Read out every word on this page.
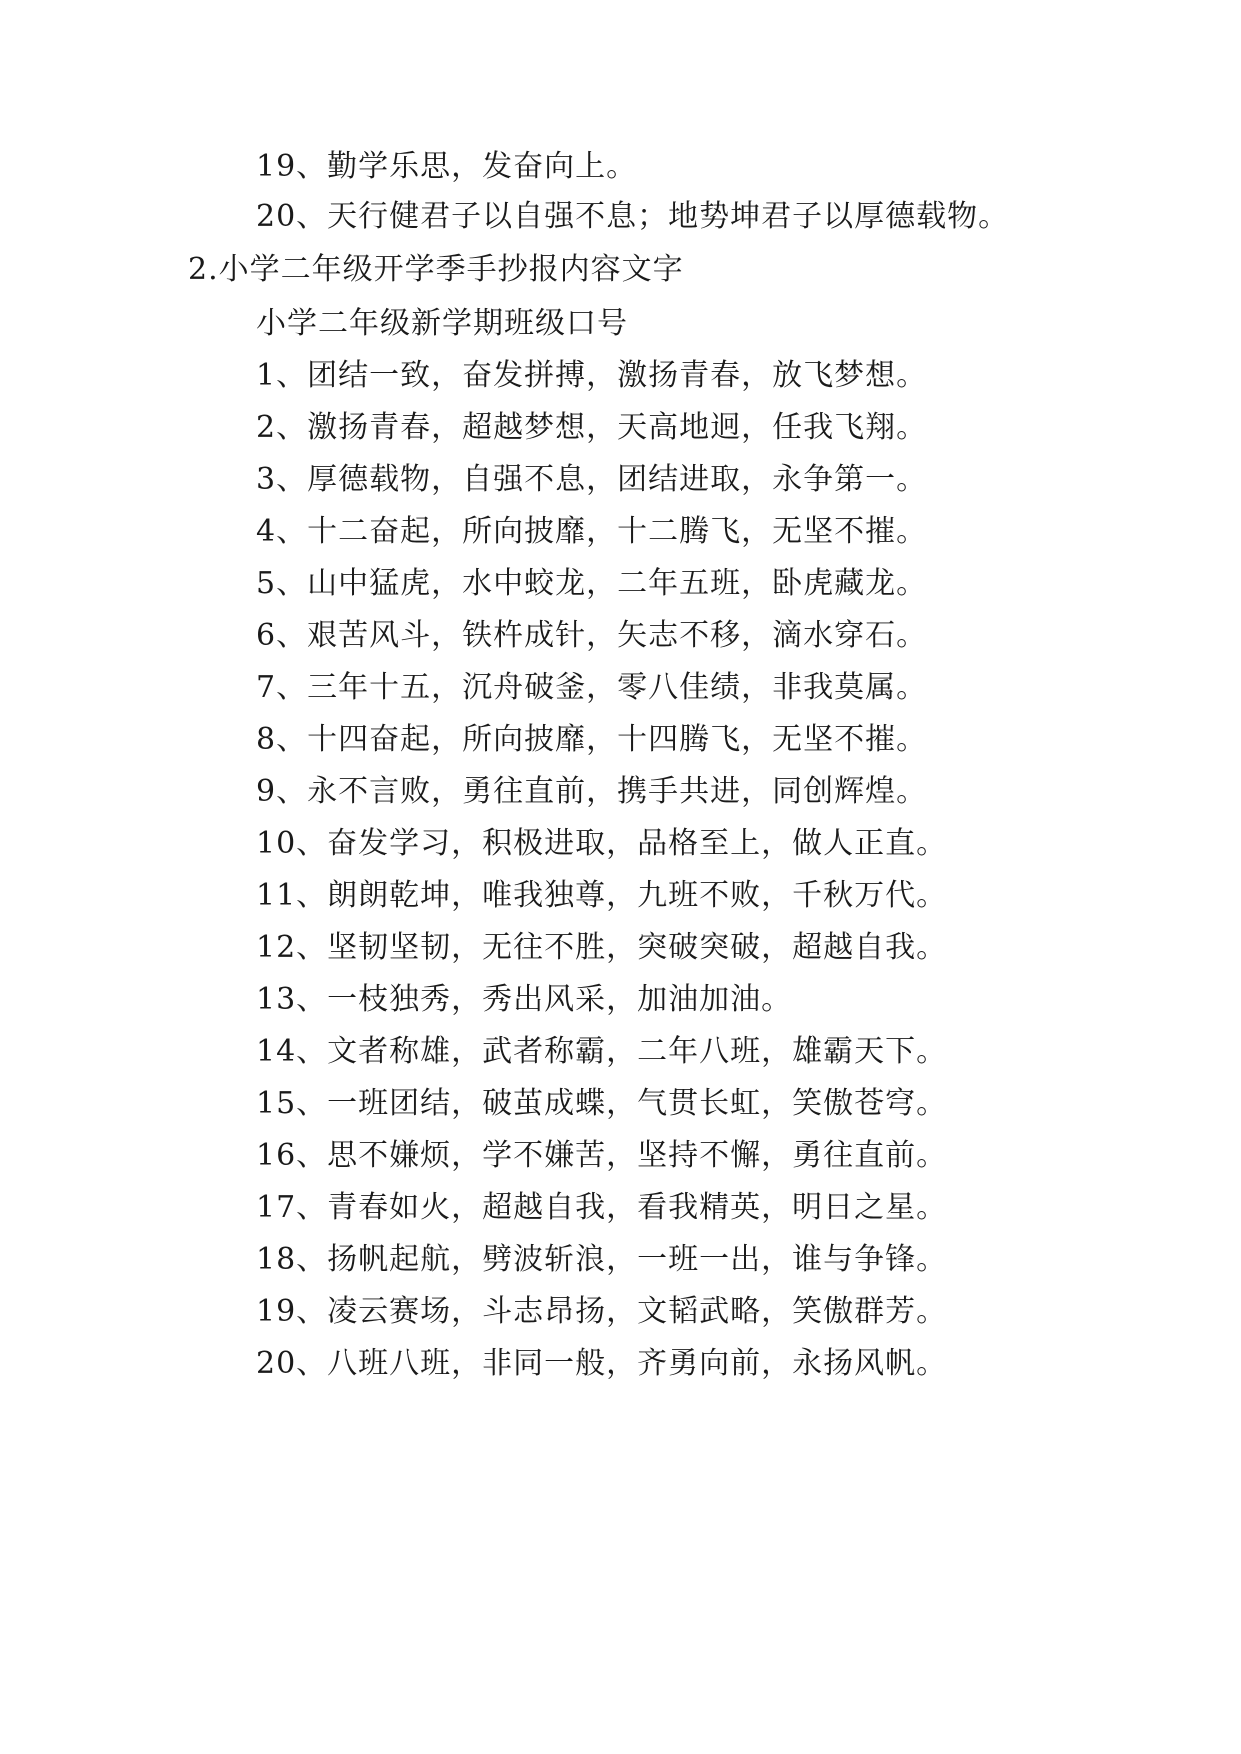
19、勤学乐思，发奋向上。
20、天行健君子以自强不息；地势坤君子以厚德载物。
2.小学二年级开学季手抄报内容文字
小学二年级新学期班级口号
1、团结一致，奋发拼搏，激扬青春，放飞梦想。
2、激扬青春，超越梦想，天高地迥，任我飞翔。
3、厚德载物，自强不息，团结进取，永争第一。
4、十二奋起，所向披靡，十二腾飞，无坚不摧。
5、山中猛虎，水中蛟龙，二年五班，卧虎藏龙。
6、艰苦风斗，铁杵成针，矢志不移，滴水穿石。
7、三年十五，沉舟破釜，零八佳绩，非我莫属。
8、十四奋起，所向披靡，十四腾飞，无坚不摧。
9、永不言败，勇往直前，携手共进，同创辉煌。
10、奋发学习，积极进取，品格至上，做人正直。
11、朗朗乾坤，唯我独尊，九班不败，千秋万代。
12、坚韧坚韧，无往不胜，突破突破，超越自我。
13、一枝独秀，秀出风采，加油加油。
14、文者称雄，武者称霸，二年八班，雄霸天下。
15、一班团结，破茧成蝶，气贯长虹，笑傲苍穹。
16、思不嫌烦，学不嫌苦，坚持不懈，勇往直前。
17、青春如火，超越自我，看我精英，明日之星。
18、扬帆起航，劈波斩浪，一班一出，谁与争锋。
19、凌云赛场，斗志昂扬，文韬武略，笑傲群芳。
20、八班八班，非同一般，齐勇向前，永扬风帆。
